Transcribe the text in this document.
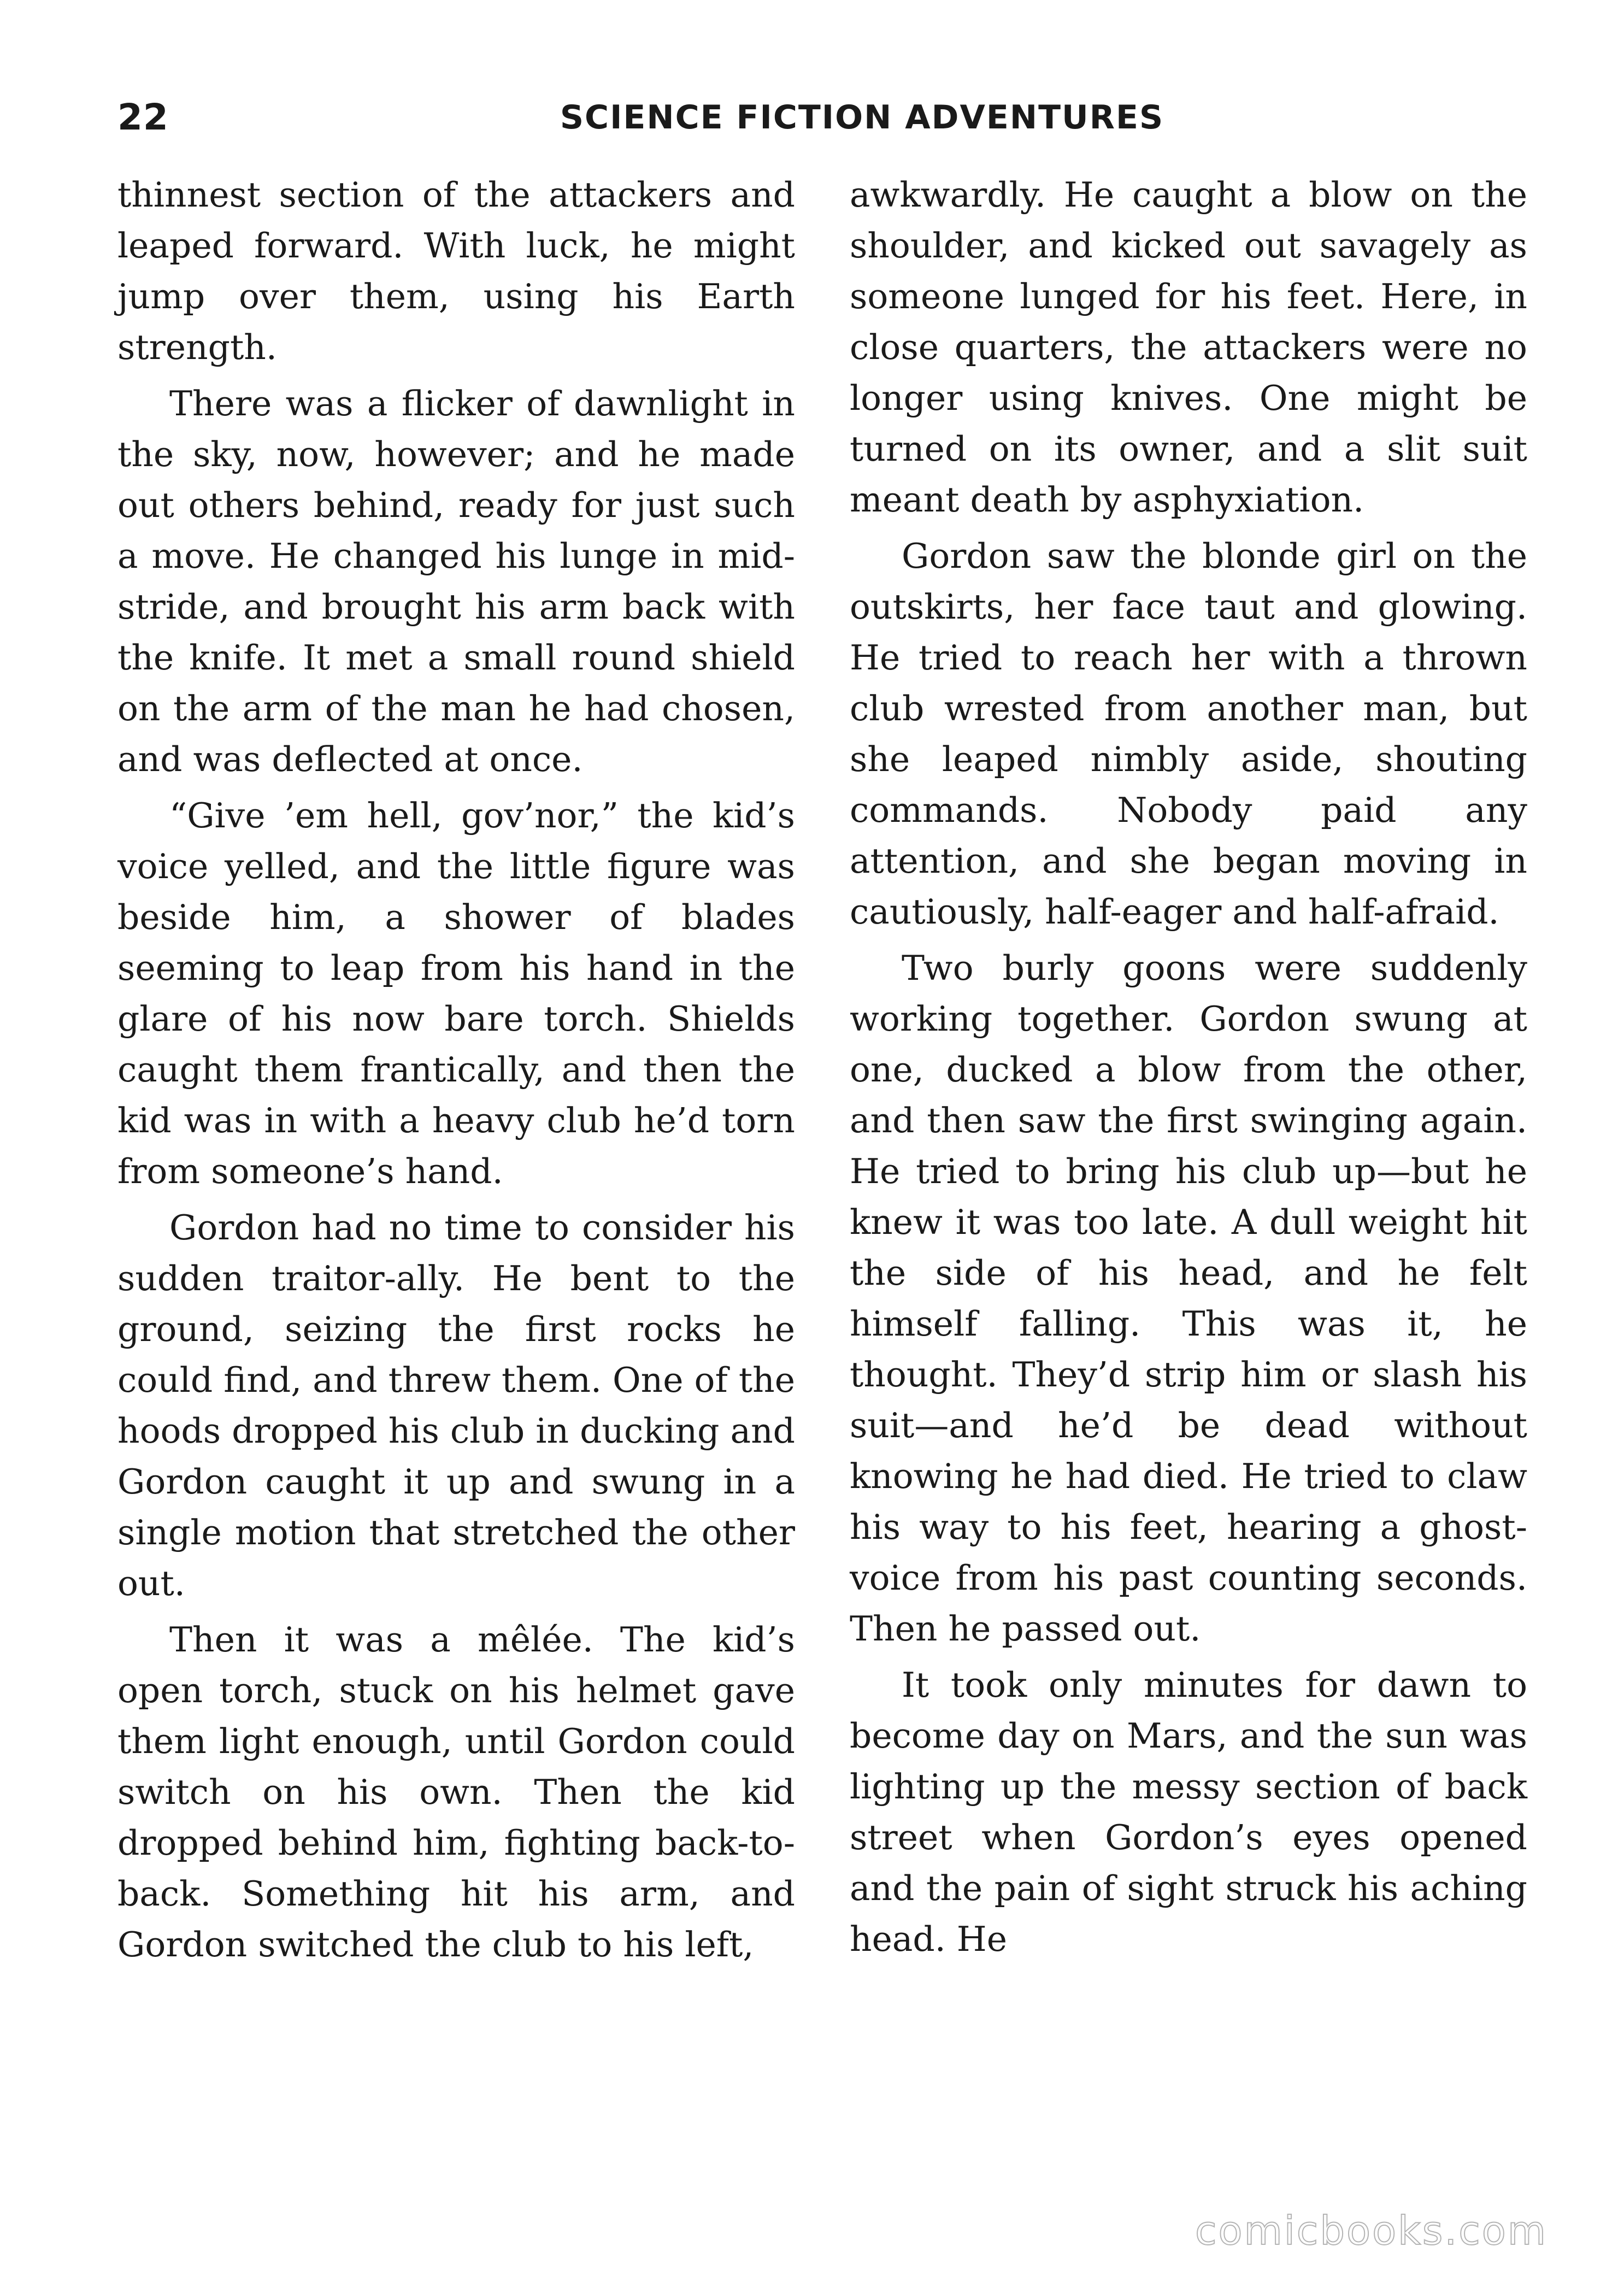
22	SCIENCE FICTION ADVENTURES

thinnest section of the attackers and leaped forward. With luck, he might jump over them, using his Earth strength.

There was a flicker of dawnlight in the sky, now, however; and he made out others behind, ready for just such a move. He changed his lunge in mid-stride, and brought his arm back with the knife. It met a small round shield on the arm of the man he had chosen, and was deflected at once.

“Give ’em hell, gov’nor,” the kid’s voice yelled, and the little figure was beside him, a shower of blades seeming to leap from his hand in the glare of his now bare torch. Shields caught them frantically, and then the kid was in with a heavy club he’d torn from someone’s hand.

Gordon had no time to consider his sudden traitor-ally. He bent to the ground, seizing the first rocks he could find, and threw them. One of the hoods dropped his club in ducking and Gordon caught it up and swung in a single motion that stretched the other out.

Then it was a mêlée. The kid’s open torch, stuck on his helmet gave them light enough, until Gordon could switch on his own. Then the kid dropped behind him, fighting back-to-back. Something hit his arm, and Gordon switched the club to his left,

awkwardly. He caught a blow on the shoulder, and kicked out savagely as someone lunged for his feet. Here, in close quarters, the attackers were no longer using knives. One might be turned on its owner, and a slit suit meant death by asphyxiation.

Gordon saw the blonde girl on the outskirts, her face taut and glowing. He tried to reach her with a thrown club wrested from another man, but she leaped nimbly aside, shouting commands. Nobody paid any attention, and she began moving in cautiously, half-eager and half-afraid.

Two burly goons were suddenly working together. Gordon swung at one, ducked a blow from the other, and then saw the first swinging again. He tried to bring his club up—but he knew it was too late. A dull weight hit the side of his head, and he felt himself falling. This was it, he thought. They’d strip him or slash his suit—and he’d be dead without knowing he had died. He tried to claw his way to his feet, hearing a ghost-voice from his past counting seconds. Then he passed out.

It took only minutes for dawn to become day on Mars, and the sun was lighting up the messy section of back street when Gordon’s eyes opened and the pain of sight struck his aching head. He

comicbooks.com
